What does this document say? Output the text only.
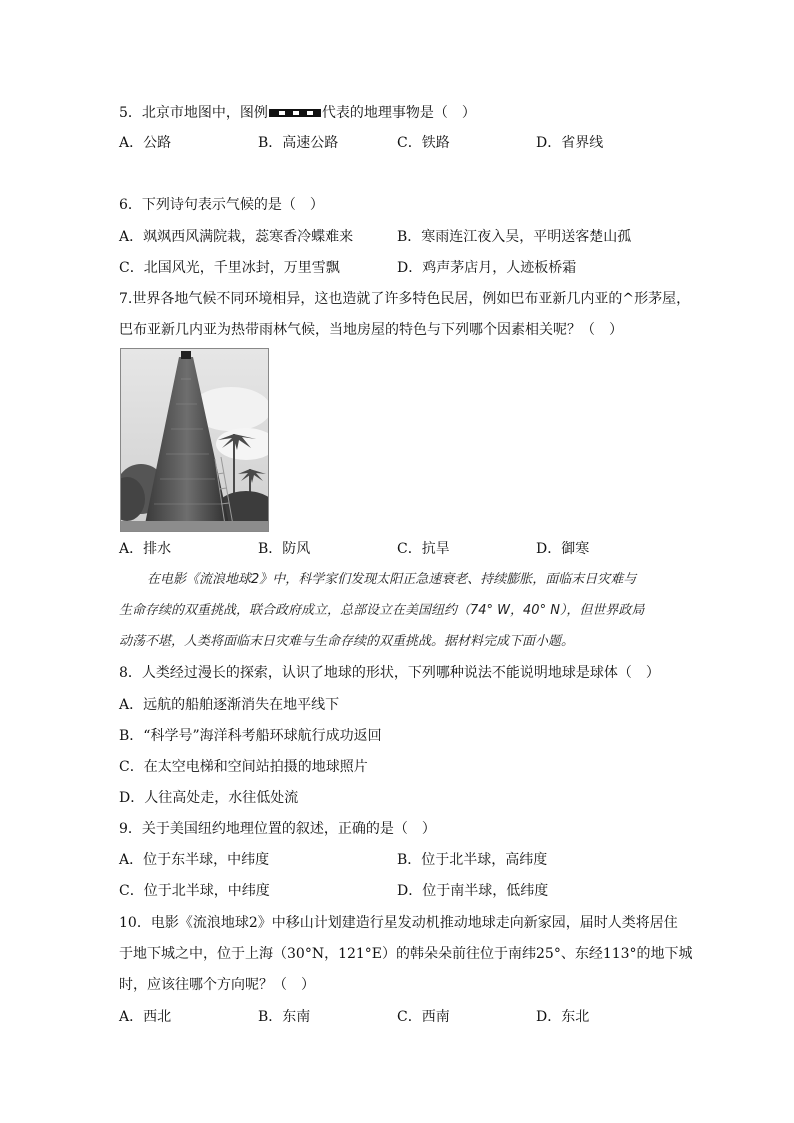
5．北京市地图中，图例	代表的地理事物是（　）
A．公路	B．高速公路	C．铁路	D．省界线
6．下列诗句表示气候的是（　）
A．飒飒西风满院栽，蕊寒香冷蝶难来	B．寒雨连江夜入吴，平明送客楚山孤
C．北国风光，千里冰封，万里雪飘	D．鸡声茅店月，人迹板桥霜
7.世界各地气候不同环境相异，这也造就了许多特色民居，例如巴布亚新几内亚的^形茅屋，
巴布亚新几内亚为热带雨林气候，当地房屋的特色与下列哪个因素相关呢？（　）
A．排水	B．防风	C．抗旱	D．御寒
在电影《流浪地球2》中，科学家们发现太阳正急速衰老、持续膨胀，面临末日灾难与
生命存续的双重挑战，联合政府成立，总部设立在美国纽约（74° W，40° N），但世界政局
动荡不堪，人类将面临末日灾难与生命存续的双重挑战。据材料完成下面小题。
8．人类经过漫长的探索，认识了地球的形状，下列哪种说法不能说明地球是球体（　）
A．远航的船舶逐渐消失在地平线下
B．“科学号”海洋科考船环球航行成功返回
C．在太空电梯和空间站拍摄的地球照片
D．人往高处走，水往低处流
9．关于美国纽约地理位置的叙述，正确的是（　）
A．位于东半球，中纬度	B．位于北半球，高纬度
C．位于北半球，中纬度	D．位于南半球，低纬度
10．电影《流浪地球2》中移山计划建造行星发动机推动地球走向新家园，届时人类将居住
于地下城之中，位于上海（30°N，121°E）的韩朵朵前往位于南纬25°、东经113°的地下城
时，应该往哪个方向呢？（　）
A．西北	B．东南	C．西南	D．东北
